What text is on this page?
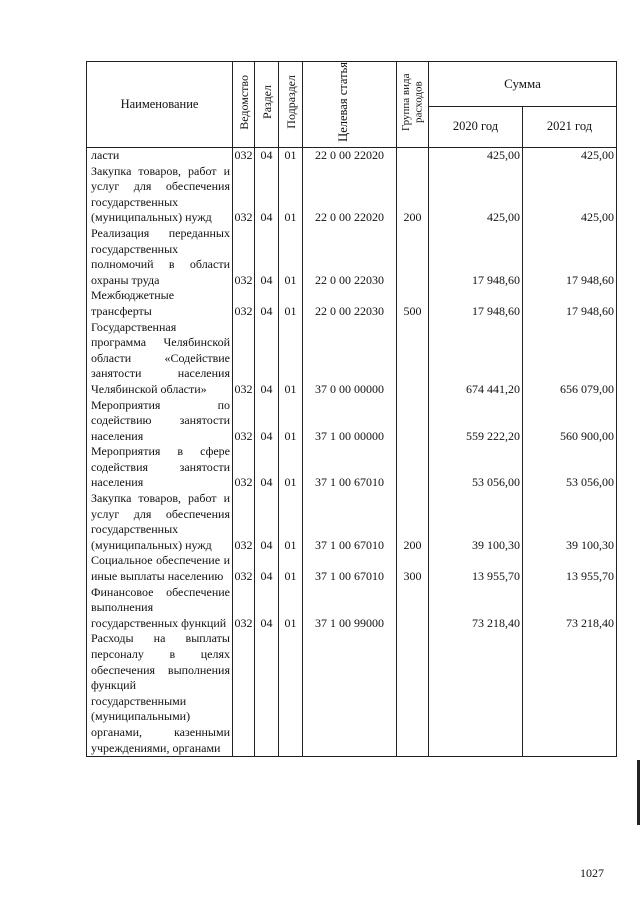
Наименование	Ведомство	Раздел	Подраздел	Целевая статья	Группа вида расходов	Сумма	
						2020 год	2021 год
ласти	032	04	01	22 0 00 22020		425,00	425,00
Закупка товаров, работ и услуг для обеспечения государственных (муниципальных) нужд	032	04	01	22 0 00 22020	200	425,00	425,00
Реализация переданных государственных полномочий в области охраны труда	032	04	01	22 0 00 22030		17 948,60	17 948,60
Межбюджетные трансферты	032	04	01	22 0 00 22030	500	17 948,60	17 948,60
Государственная программа Челябинской области «Содействие занятости населения Челябинской области»	032	04	01	37 0 00 00000		674 441,20	656 079,00
Мероприятия по содействию занятости населения	032	04	01	37 1 00 00000		559 222,20	560 900,00
Мероприятия в сфере содействия занятости населения	032	04	01	37 1 00 67010		53 056,00	53 056,00
Закупка товаров, работ и услуг для обеспечения государственных (муниципальных) нужд	032	04	01	37 1 00 67010	200	39 100,30	39 100,30
Социальное обеспечение и иные выплаты населению	032	04	01	37 1 00 67010	300	13 955,70	13 955,70
Финансовое обеспечение выполнения государственных функций	032	04	01	37 1 00 99000		73 218,40	73 218,40
Расходы на выплаты персоналу в целях обеспечения выполнения функций государственными (муниципальными) органами, казенными учреждениями, органами							
1027
